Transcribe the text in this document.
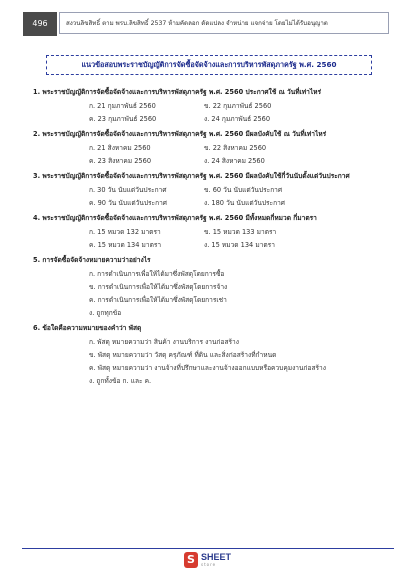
496	สงวนลิขสิทธิ์ ตาม พรบ.ลิขสิทธิ์ 2537 ห้ามคัดลอก ดัดแปลง จำหน่าย แจกจ่าย โดยไม่ได้รับอนุญาต
แนวข้อสอบพระราชบัญญัติการจัดซื้อจัดจ้างและการบริหารพัสดุภาครัฐ พ.ศ. 2560

1. พระราชบัญญัติการจัดซื้อจัดจ้างและการบริหารพัสดุภาครัฐ พ.ศ. 2560 ประกาศใช้ ณ วันที่เท่าไหร่

ก. 21 กุมภาพันธ์ 2560	ข. 22 กุมภาพันธ์ 2560
ค. 23 กุมภาพันธ์ 2560	ง. 24 กุมภาพันธ์ 2560

2. พระราชบัญญัติการจัดซื้อจัดจ้างและการบริหารพัสดุภาครัฐ พ.ศ. 2560 มีผลบังคับใช้ ณ วันที่เท่าไหร่

ก. 21 สิงหาคม 2560	ข. 22 สิงหาคม 2560
ค. 23 สิงหาคม 2560	ง. 24 สิงหาคม 2560

3. พระราชบัญญัติการจัดซื้อจัดจ้างและการบริหารพัสดุภาครัฐ พ.ศ. 2560 มีผลบังคับใช้กี่วันนับตั้งแต่วันประกาศ

ก. 30 วัน นับแต่วันประกาศ	ข. 60 วัน นับแต่วันประกาศ
ค. 90 วัน นับแต่วันประกาศ	ง. 180 วัน นับแต่วันประกาศ

4. พระราชบัญญัติการจัดซื้อจัดจ้างและการบริหารพัสดุภาครัฐ พ.ศ. 2560 มีทั้งหมดกี่หมวด กี่มาตรา

ก. 15 หมวด 132 มาตรา	ข. 15 หมวด 133 มาตรา
ค. 15 หมวด 134 มาตรา	ง. 15 หมวด 134 มาตรา

5. การจัดซื้อจัดจ้างหมายความว่าอย่างไร

ก. การดำเนินการเพื่อให้ได้มาซึ่งพัสดุโดยการซื้อ
ข. การดำเนินการเพื่อให้ได้มาซึ่งพัสดุโดยการจ้าง
ค. การดำเนินการเพื่อให้ได้มาซึ่งพัสดุโดยการเช่า
ง. ถูกทุกข้อ

6. ข้อใดคือความหมายของคำว่า พัสดุ

ก. พัสดุ หมายความว่า สินค้า งานบริการ งานก่อสร้าง
ข. พัสดุ หมายความว่า วัสดุ ครุภัณฑ์ ที่ดิน และสิ่งก่อสร้างที่กำหนด
ค. พัสดุ หมายความว่า งานจ้างที่ปรึกษาและงานจ้างออกแบบหรือควบคุมงานก่อสร้าง
ง. ถูกทั้งข้อ ก. และ ค.
S SHEET
store
